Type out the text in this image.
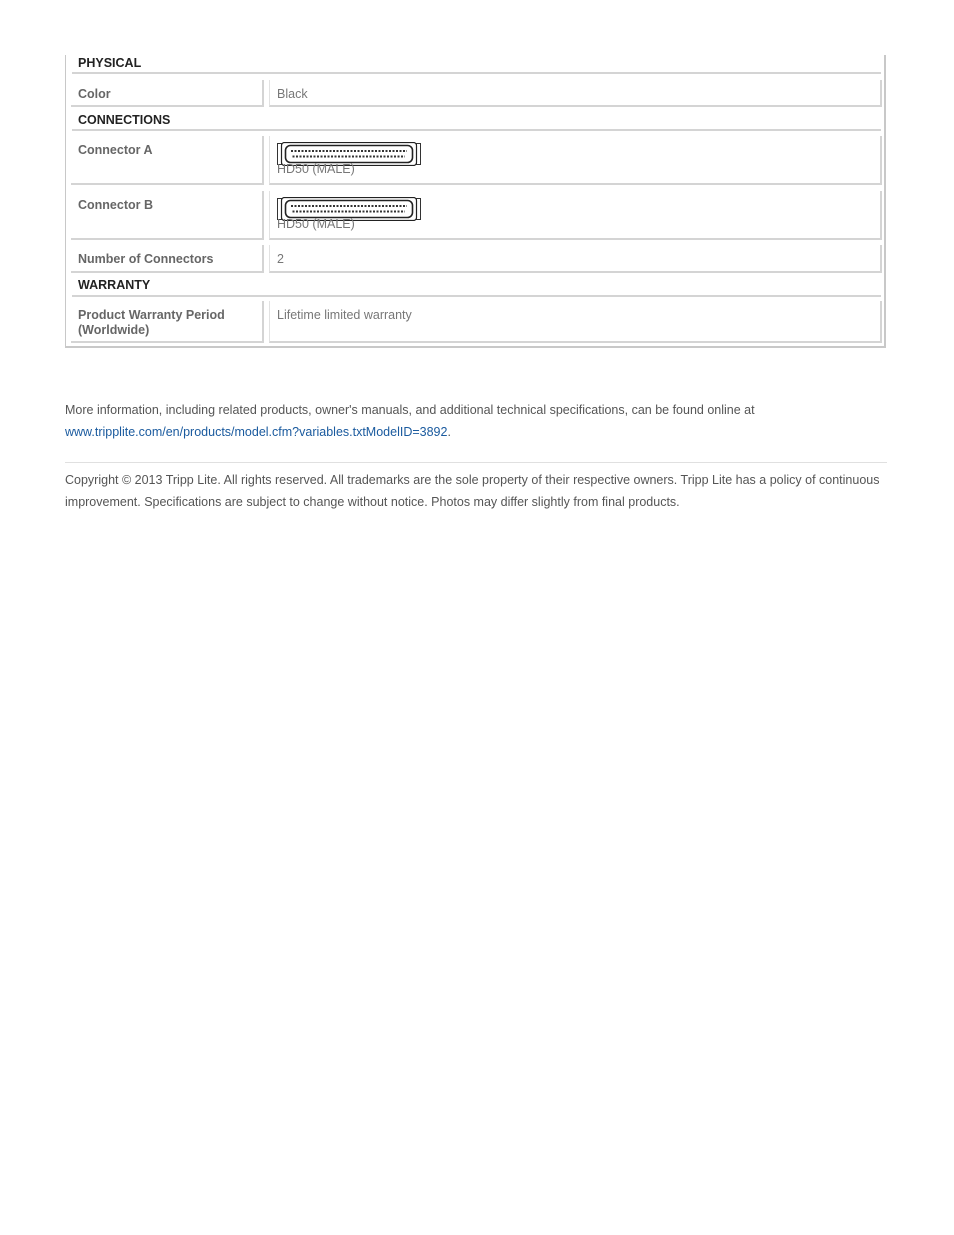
PHYSICAL
Color	Black
CONNECTIONS
Connector A
HD50 (MALE)
Connector B
HD50 (MALE)
Number of Connectors	2
WARRANTY
Product Warranty Period (Worldwide)
Lifetime limited warranty
More information, including related products, owner's manuals, and additional technical specifications, can be found online at
www.tripplite.com/en/products/model.cfm?variables.txtModelID=3892.
Copyright © 2013 Tripp Lite. All rights reserved. All trademarks are the sole property of their respective owners. Tripp Lite has a policy of continuous improvement. Specifications are subject to change without notice. Photos may differ slightly from final products.
